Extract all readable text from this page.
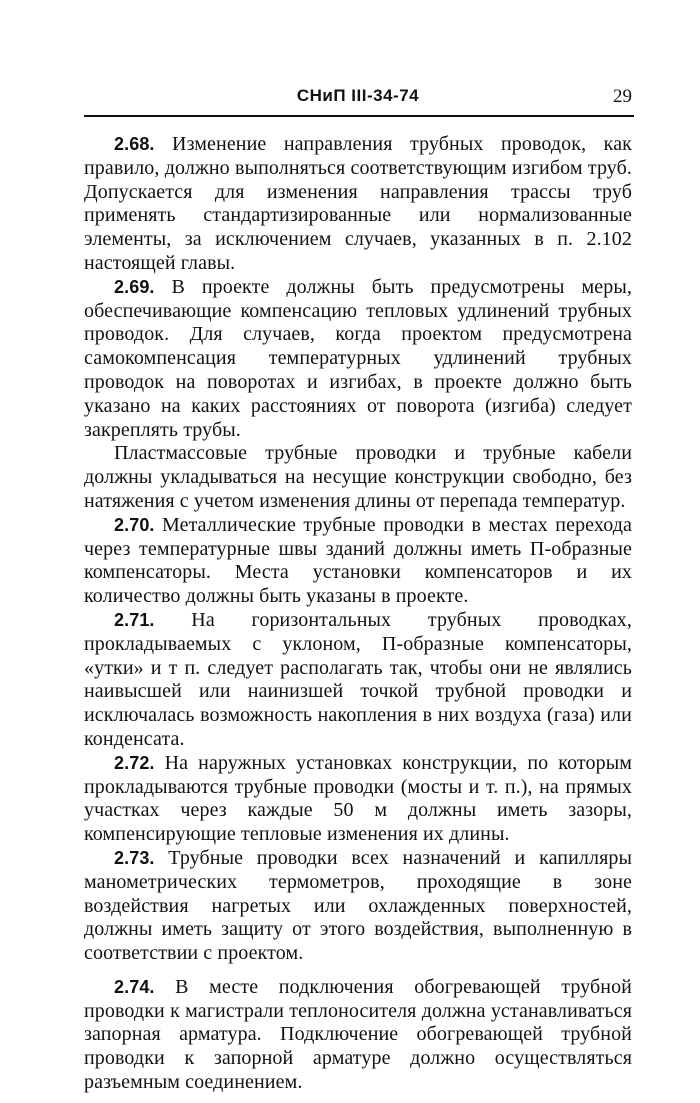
СНиП III-34-74	29

2.68. Изменение направления трубных проводок, как правило, должно выполняться соответствующим изгибом труб. Допускается для изменения направления трассы труб применять стандартизированные или нормализованные элементы, за исключением случаев, указанных в п. 2.102 настоящей главы.

2.69. В проекте должны быть предусмотрены меры, обеспечивающие компенсацию тепловых удлинений трубных проводок. Для случаев, когда проектом предусмотрена самокомпенсация температурных удлинений трубных проводок на поворотах и изгибах, в проекте должно быть указано на каких расстояниях от поворота (изгиба) следует закреплять трубы.

Пластмассовые трубные проводки и трубные кабели должны укладываться на несущие конструкции свободно, без натяжения с учетом изменения длины от перепада температур.

2.70. Металлические трубные проводки в местах перехода через температурные швы зданий должны иметь П-образные компенсаторы. Места установки компенсаторов и их количество должны быть указаны в проекте.

2.71. На горизонтальных трубных проводках, прокладываемых с уклоном, П-образные компенсаторы, «утки» и т п. следует располагать так, чтобы они не являлись наивысшей или наинизшей точкой трубной проводки и исключалась возможность накопления в них воздуха (газа) или конденсата.

2.72. На наружных установках конструкции, по которым прокладываются трубные проводки (мосты и т. п.), на прямых участках через каждые 50 м должны иметь зазоры, компенсирующие тепловые изменения их длины.

2.73. Трубные проводки всех назначений и капилляры манометрических термометров, проходящие в зоне воздействия нагретых или охлажденных поверхностей, должны иметь защиту от этого воздействия, выполненную в соответствии с проектом.

2.74. В месте подключения обогревающей трубной проводки к магистрали теплоносителя должна устанавливаться запорная арматура. Подключение обогревающей трубной проводки к запорной арматуре должно осуществляться разъемным соединением.
